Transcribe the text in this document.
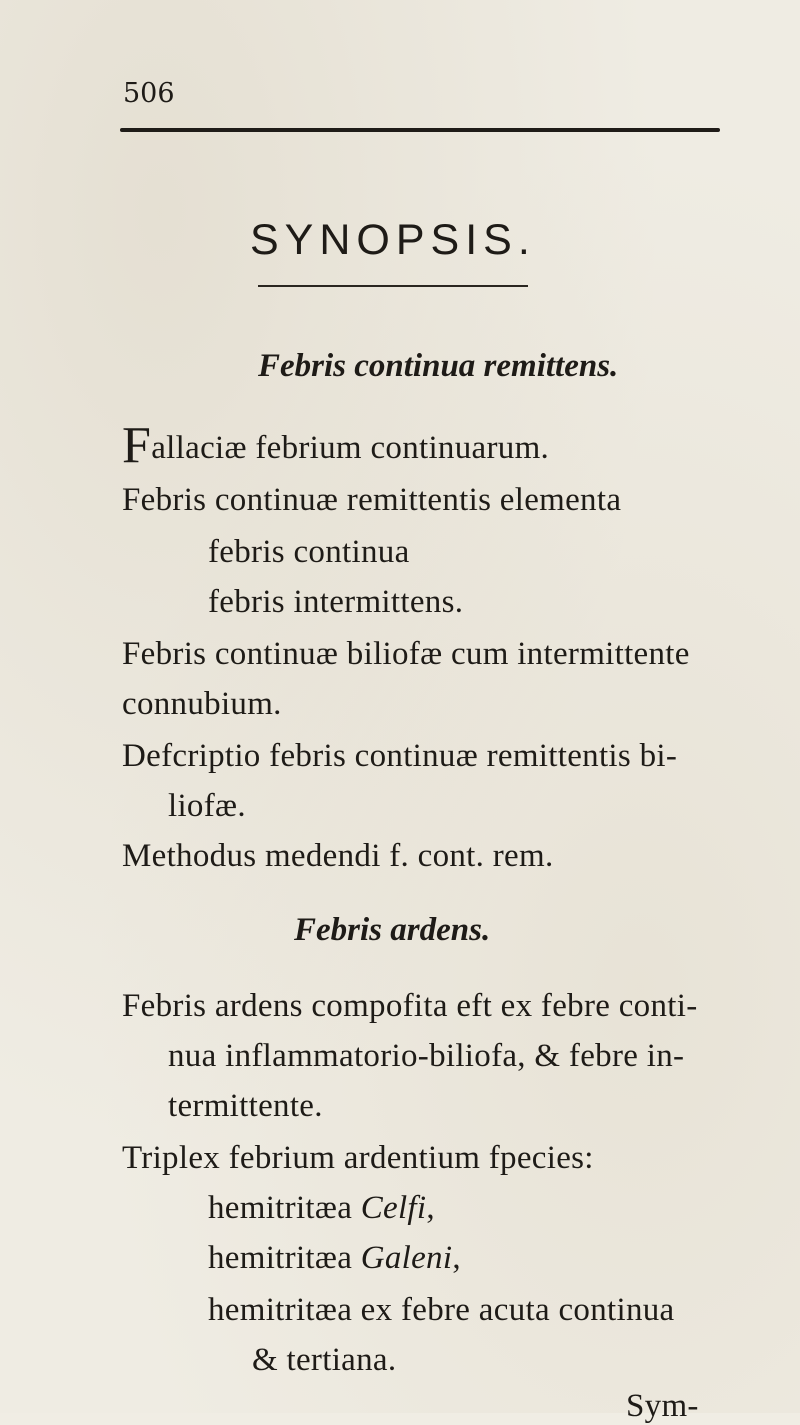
506
SYNOPSIS.
Febris continua remittens.
Fallaciæ febrium continuarum.
Febris continuæ remittentis elementa
febris continua
febris intermittens.
Febris continuæ biliofæ cum intermittente
connubium.
Defcriptio febris continuæ remittentis bi-
liofæ.
Methodus medendi f. cont. rem.
Febris ardens.
Febris ardens compofita eft ex febre conti-
nua inflammatorio-biliofa, & febre in-
termittente.
Triplex febrium ardentium fpecies:
hemitritæa Celfi,
hemitritæa Galeni,
hemitritæa ex febre acuta continua
& tertiana.
Sym-
